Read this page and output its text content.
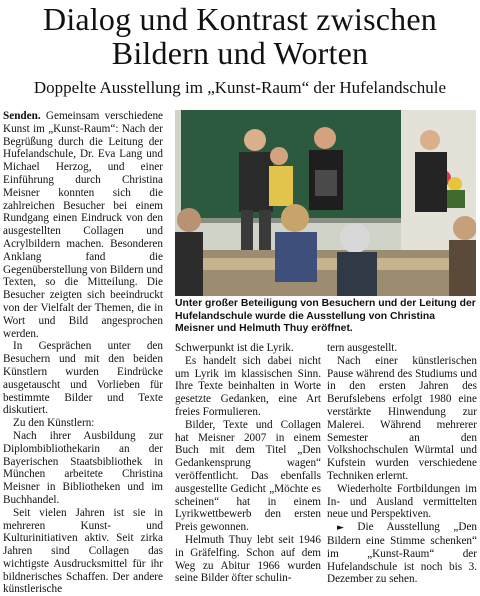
Dialog und Kontrast zwischen
Bildern und Worten
Doppelte Ausstellung im „Kunst-Raum“ der Hufelandschule

Senden. Gemeinsam verschiedene Kunst im „Kunst-Raum“: Nach der Begrüßung durch die Leitung der Hufelandschule, Dr. Eva Lang und Michael Herzog, und einer Einführung durch Christina Meisner konnten sich die zahlreichen Besucher bei einem Rundgang einen Eindruck von den ausgestellten Collagen und Acrylbildern machen. Besonderen Anklang fand die Gegenüberstellung von Bildern und Texten, so die Mitteilung. Die Besucher zeigten sich beeindruckt von der Vielfalt der Themen, die in Wort und Bild angesprochen werden.

In Gesprächen unter den Besuchern und mit den beiden Künstlern wurden Eindrücke ausgetauscht und Vorlieben für bestimmte Bilder und Texte diskutiert.

Zu den Künstlern:

Nach ihrer Ausbildung zur Diplombibliothekarin an der Bayerischen Staatsbibliothek in München arbeitete Christina Meisner in Bibliotheken und im Buchhandel.

Seit vielen Jahren ist sie in mehreren Kunst- und Kulturinitiativen aktiv. Seit zirka Jahren sind Collagen das wichtigste Ausdrucksmittel für ihr bildnerisches Schaffen. Der andere künstlerische

Unter großer Beteiligung von Besuchern und der Leitung der Hufelandschule wurde die Ausstellung von Christina Meisner und Helmuth Thuy eröffnet.

Schwerpunkt ist die Lyrik.

Es handelt sich dabei nicht um Lyrik im klassischen Sinn. Ihre Texte beinhalten in Worte gesetzte Gedanken, eine Art freies Formulieren.

Bilder, Texte und Collagen hat Meisner 2007 in einem Buch mit dem Titel „Den Gedankensprung wagen“ veröffentlicht. Das ebenfalls ausgestellte Gedicht „Möchte es scheinen“ hat in einem Lyrikwettbewerb den ersten Preis gewonnen.

Helmuth Thuy lebt seit 1946 in Gräfelfing. Schon auf dem Weg zu Abitur 1966 wurden seine Bilder öfter schulin-

tern ausgestellt.

Nach einer künstlerischen Pause während des Studiums und in den ersten Jahren des Berufslebens erfolgt 1980 eine verstärkte Hinwendung zur Malerei. Während mehrerer Semester an den Volkshochschulen Würmtal und Kufstein wurden verschiedene Techniken erlernt.

Wiederholte Fortbildungen im In- und Ausland vermittelten neue und Perspektiven.

► Die Ausstellung „Den Bildern eine Stimme schenken“ im „Kunst-Raum“ der Hufelandschule ist noch bis 3. Dezember zu sehen.
